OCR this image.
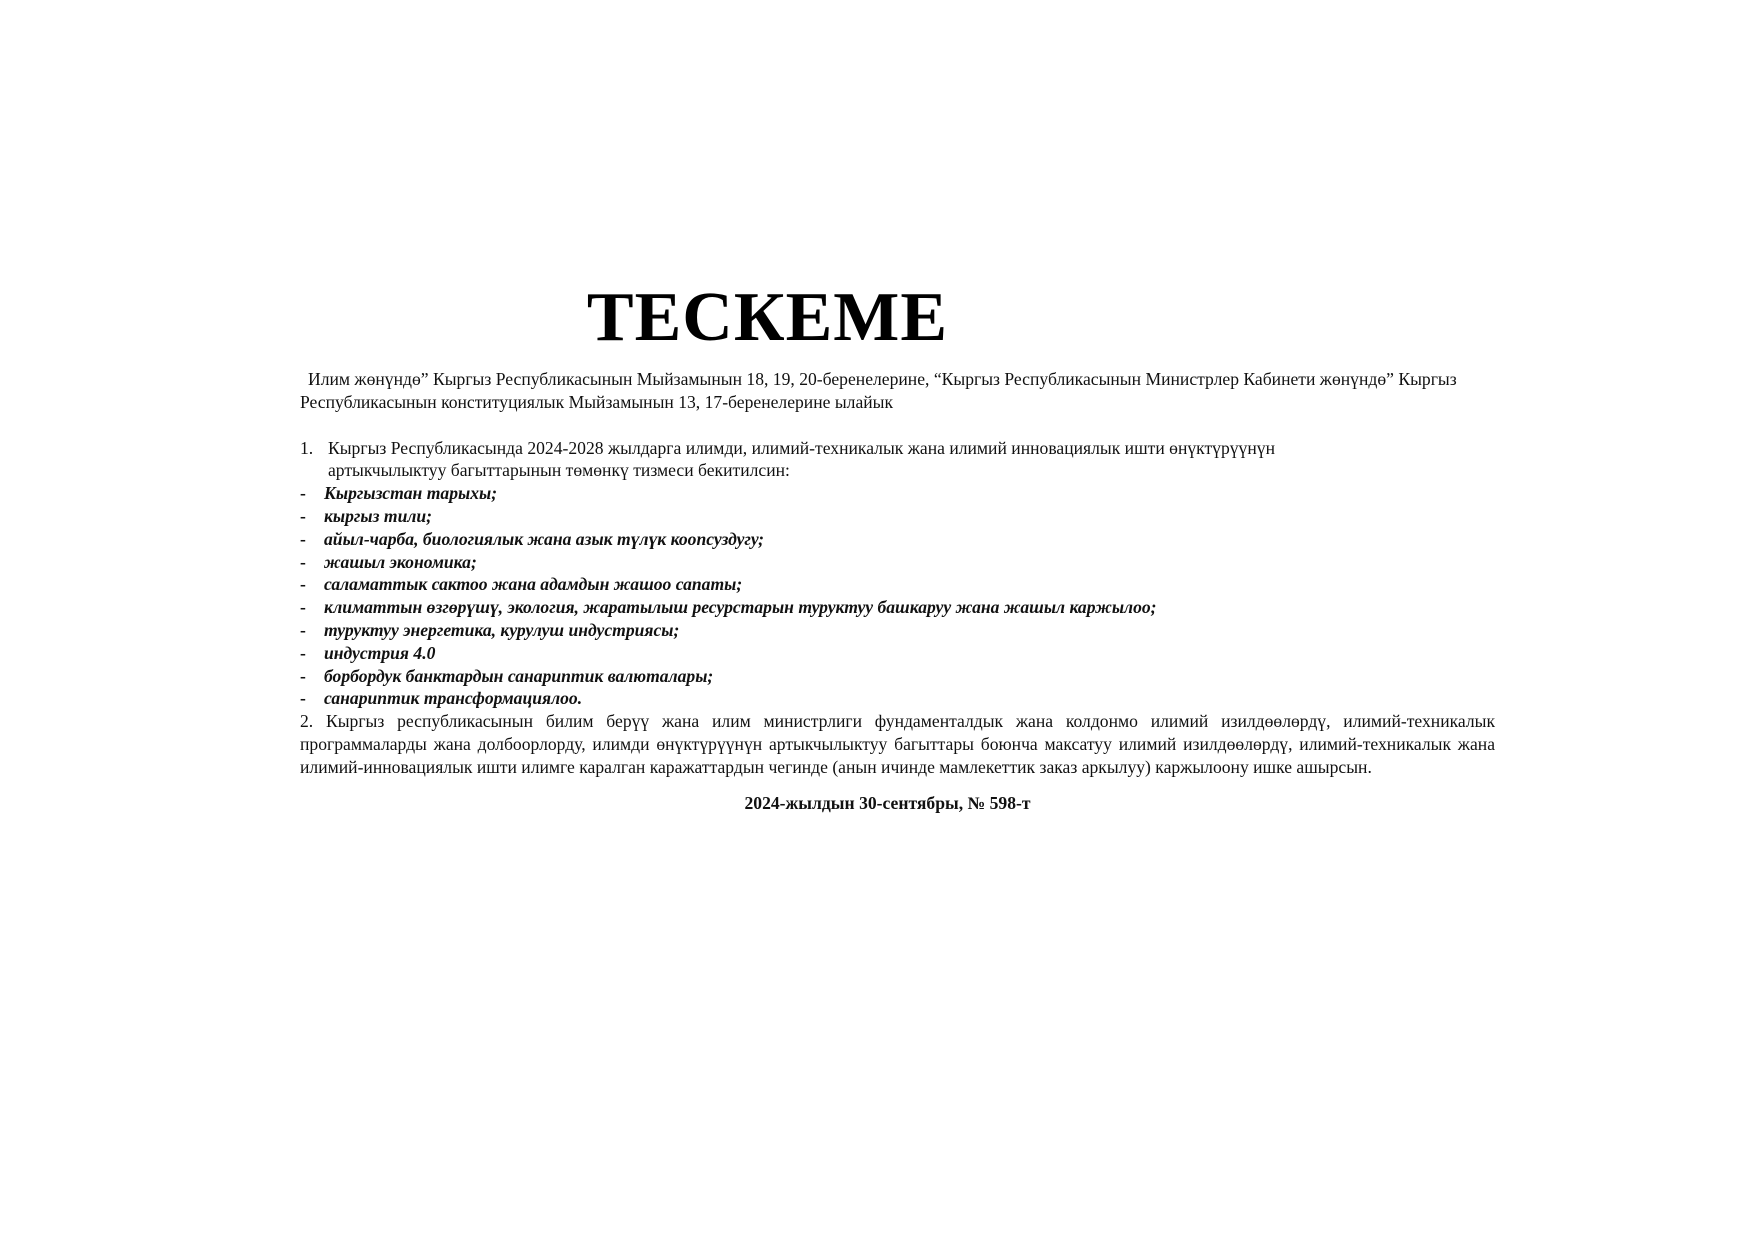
ТЕСКЕМЕ

Илим жөнүндө” Кыргыз Республикасынын Мыйзамынын 18, 19, 20-беренелерине, “Кыргыз Республикасынын Министрлер Кабинети жөнүндө” Кыргыз Республикасынын конституциялык Мыйзамынын 13, 17-беренелерине ылайык

1. Кыргыз Республикасында 2024-2028 жылдарга илимди, илимий-техникалык жана илимий инновациялык ишти өнүктүрүүнүн артыкчылыктуу багыттарынын төмөнкү тизмеси бекитилсин:
-	Кыргызстан тарыхы;
-	кыргыз тили;
-	айыл-чарба, биологиялык жана азык түлүк коопсуздугу;
-	жашыл экономика;
-	саламаттык сактоо жана адамдын жашоо сапаты;
-	климаттын өзгөрүшү, экология, жаратылыш ресурстарын туруктуу башкаруу жана жашыл каржылоо;
-	туруктуу энергетика, курулуш индустриясы;
-	индустрия 4.0
-	борбордук банктардын санариптик валюталары;
-	санариптик трансформациялоо.

2. Кыргыз республикасынын билим берүү жана илим министрлиги фундаменталдык жана колдонмо илимий изилдөөлөрдү, илимий-техникалык программаларды жана долбоорлорду, илимди өнүктүрүүнүн артыкчылыктуу багыттары боюнча максатуу илимий изилдөөлөрдү, илимий-техникалык жана илимий-инновациялык ишти илимге каралган каражаттардын чегинде (анын ичинде мамлекеттик заказ аркылуу) каржылоону ишке ашырсын.

2024-жылдын 30-сентябры, № 598-т
